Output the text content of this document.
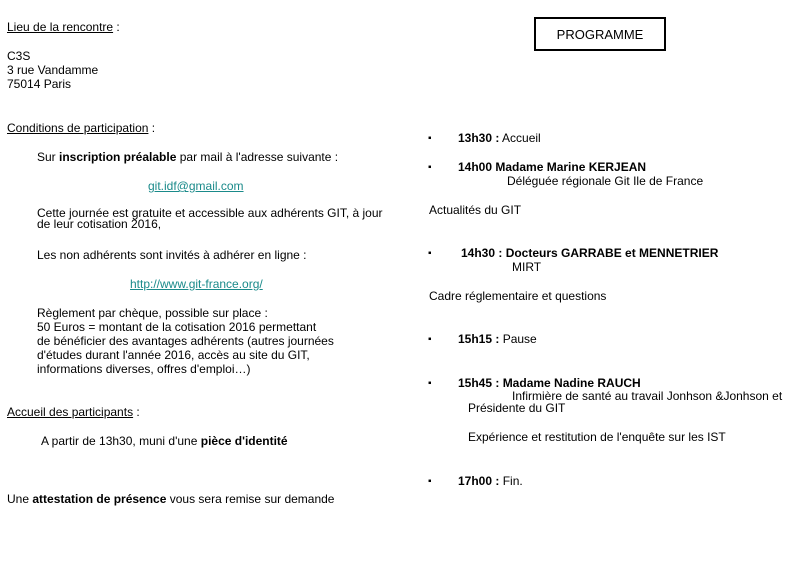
Lieu de la rencontre :
C3S
3 rue Vandamme
75014 Paris
Conditions de participation :
Sur inscription préalable par mail à l'adresse suivante :
git.idf@gmail.com
Cette journée est gratuite et accessible aux adhérents GIT, à jour
de leur cotisation 2016,
Les non adhérents sont invités à adhérer en ligne :
http://www.git-france.org/
Règlement par chèque, possible sur place :
50 Euros = montant de la cotisation 2016 permettant
de bénéficier des avantages adhérents (autres journées
d'études durant l'année 2016, accès au site du GIT,
informations diverses, offres d'emploi…)
Accueil des participants :
A partir de 13h30, muni d'une pièce d'identité
Une attestation de présence vous sera remise sur demande
PROGRAMME
▪ 13h30 : Accueil
▪ 14h00 Madame Marine KERJEAN
Déléguée régionale Git Ile de France
Actualités du GIT
▪ 14h30 : Docteurs GARRABE et MENNETRIER
MIRT
Cadre réglementaire et questions
▪ 15h15 : Pause
▪ 15h45 : Madame Nadine RAUCH
Infirmière de santé au travail Jonhson &Jonhson et
Présidente du GIT
Expérience et restitution de l'enquête sur les IST
▪ 17h00 : Fin.
